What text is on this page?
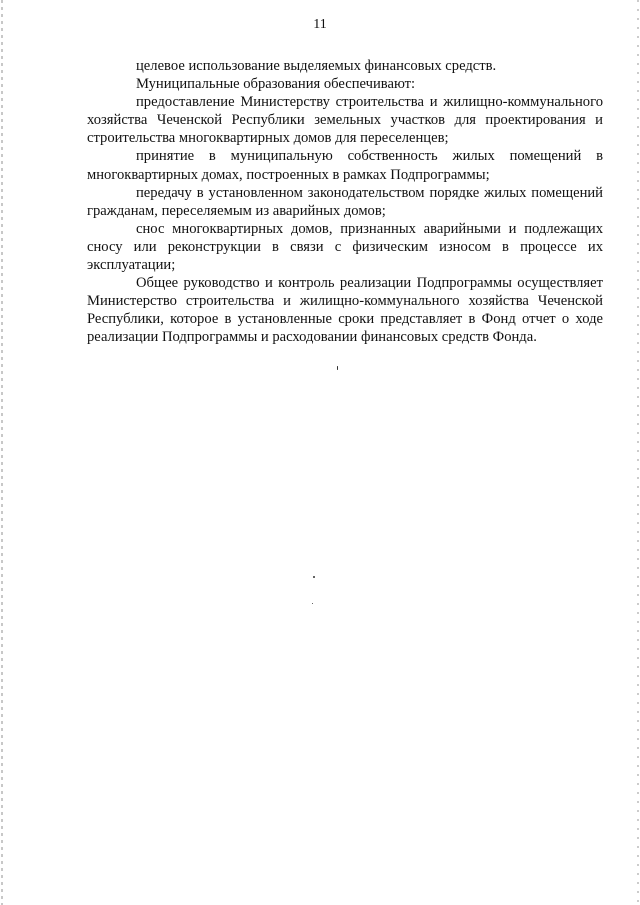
11

целевое использование выделяемых финансовых средств.

Муниципальные образования обеспечивают:

предоставление Министерству строительства и жилищно-коммунального хозяйства Чеченской Республики земельных участков для проектирования и строительства многоквартирных домов для переселенцев;

принятие в муниципальную собственность жилых помещений в многоквартирных домах, построенных в рамках Подпрограммы;

передачу в установленном законодательством порядке жилых помещений гражданам, переселяемым из аварийных домов;

снос многоквартирных домов, признанных аварийными и подлежащих сносу или реконструкции в связи с физическим износом в процессе их эксплуатации;

Общее руководство и контроль реализации Подпрограммы осуществляет Министерство строительства и жилищно-коммунального хозяйства Чеченской Республики, которое в установленные сроки представляет в Фонд отчет о ходе реализации Подпрограммы и расходовании финансовых средств Фонда.
